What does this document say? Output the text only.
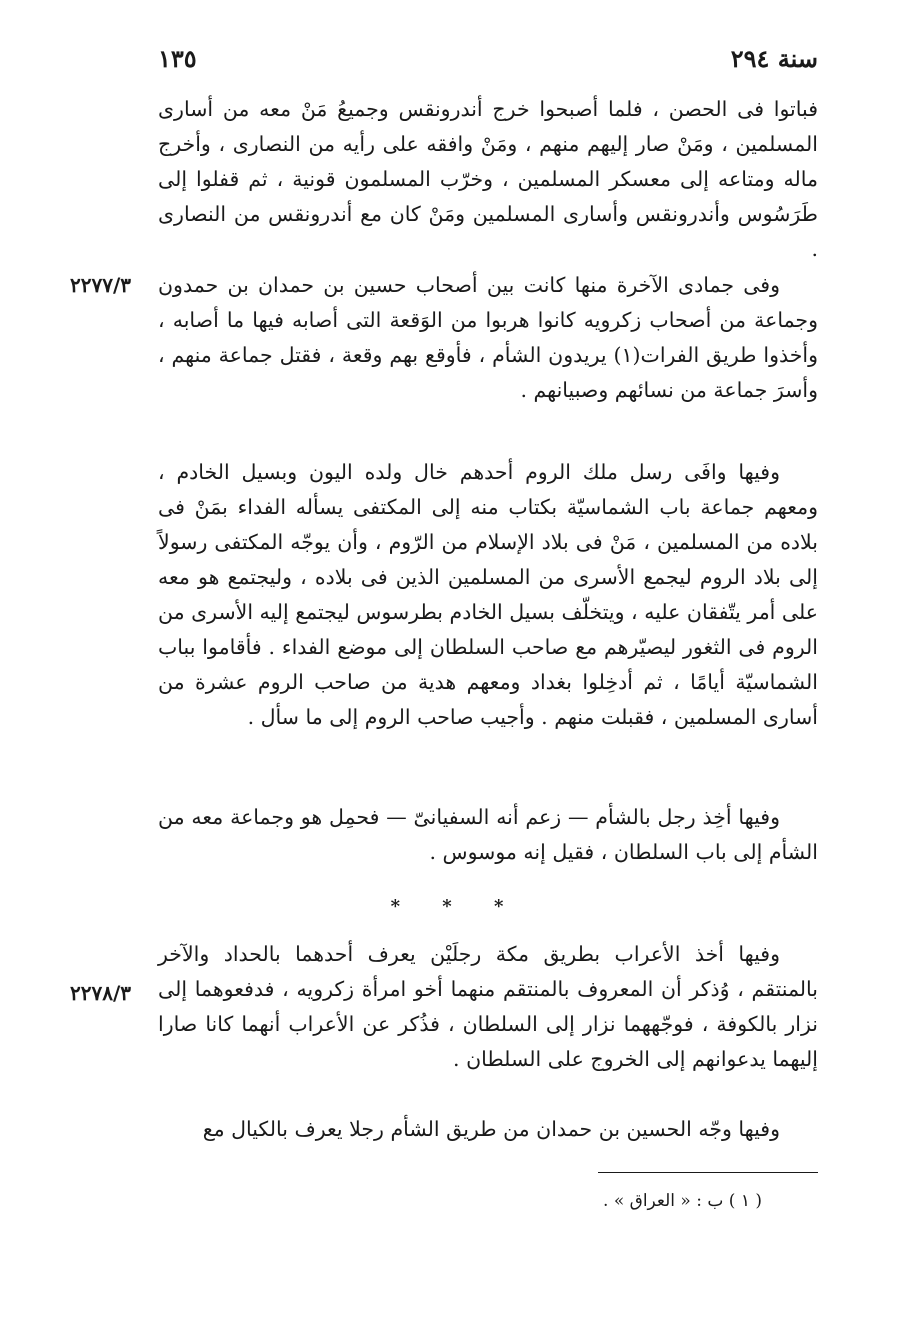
سنة ٢٩٤
١٣٥
٢٢٧٧/٣
٢٢٧٨/٣

فباتوا فى الحصن ، فلما أصبحوا خرج أندرونقس وجميعُ مَنْ معه من أسارى المسلمين ، ومَنْ صار إليهم منهم ، ومَنْ وافقه على رأيه من النصارى ، وأخرج ماله ومتاعه إلى معسكر المسلمين ، وخرّب المسلمون قونية ، ثم قفلوا إلى طَرَسُوس وأندرونقس وأسارى المسلمين ومَنْ كان مع أندرونقس من النصارى .

وفى جمادى الآخرة منها كانت بين أصحاب حسين بن حمدان بن حمدون وجماعة من أصحاب زكرويه كانوا هربوا من الوَقعة التى أصابه فيها ما أصابه ، وأخذوا طريق الفرات(١) يريدون الشأم ، فأوقع بهم وقعة ، فقتل جماعة منهم ، وأسرَ جماعة من نسائهم وصبيانهم .

وفيها وافَى رسل ملك الروم أحدهم خال ولده اليون وبسيل الخادم ، ومعهم جماعة باب الشماسيّة بكتاب منه إلى المكتفى يسأله الفداء بمَنْ فى بلاده من المسلمين ، مَنْ فى بلاد الإسلام من الرّوم ، وأن يوجّه المكتفى رسولاً إلى بلاد الروم ليجمع الأسرى من المسلمين الذين فى بلاده ، وليجتمع هو معه على أمر يتّفقان عليه ، ويتخلّف بسيل الخادم بطرسوس ليجتمع إليه الأسرى من الروم فى الثغور ليصيّرهم مع صاحب السلطان إلى موضع الفداء . فأقاموا بباب الشماسيّة أيامًا ، ثم أدخِلوا بغداد ومعهم هدية من صاحب الروم عشرة من أسارى المسلمين ، فقبلت منهم . وأجيب صاحب الروم إلى ما سأل .

وفيها أخِذ رجل بالشأم — زعم أنه السفيانىّ — فحمِل هو وجماعة معه من الشأم إلى باب السلطان ، فقيل إنه موسوس .

* * *

وفيها أخذ الأعراب بطريق مكة رجلَيْن يعرف أحدهما بالحداد والآخر بالمنتقم ، وُذكر أن المعروف بالمنتقم منهما أخو امرأة زكرويه ، فدفعوهما إلى نزار بالكوفة ، فوجّههما نزار إلى السلطان ، فذُكر عن الأعراب أنهما كانا صارا إليهما يدعوانهم إلى الخروج على السلطان .

وفيها وجّه الحسين بن حمدان من طريق الشأم رجلا يعرف بالكيال مع

( ١ ) ب : « العراق » .
